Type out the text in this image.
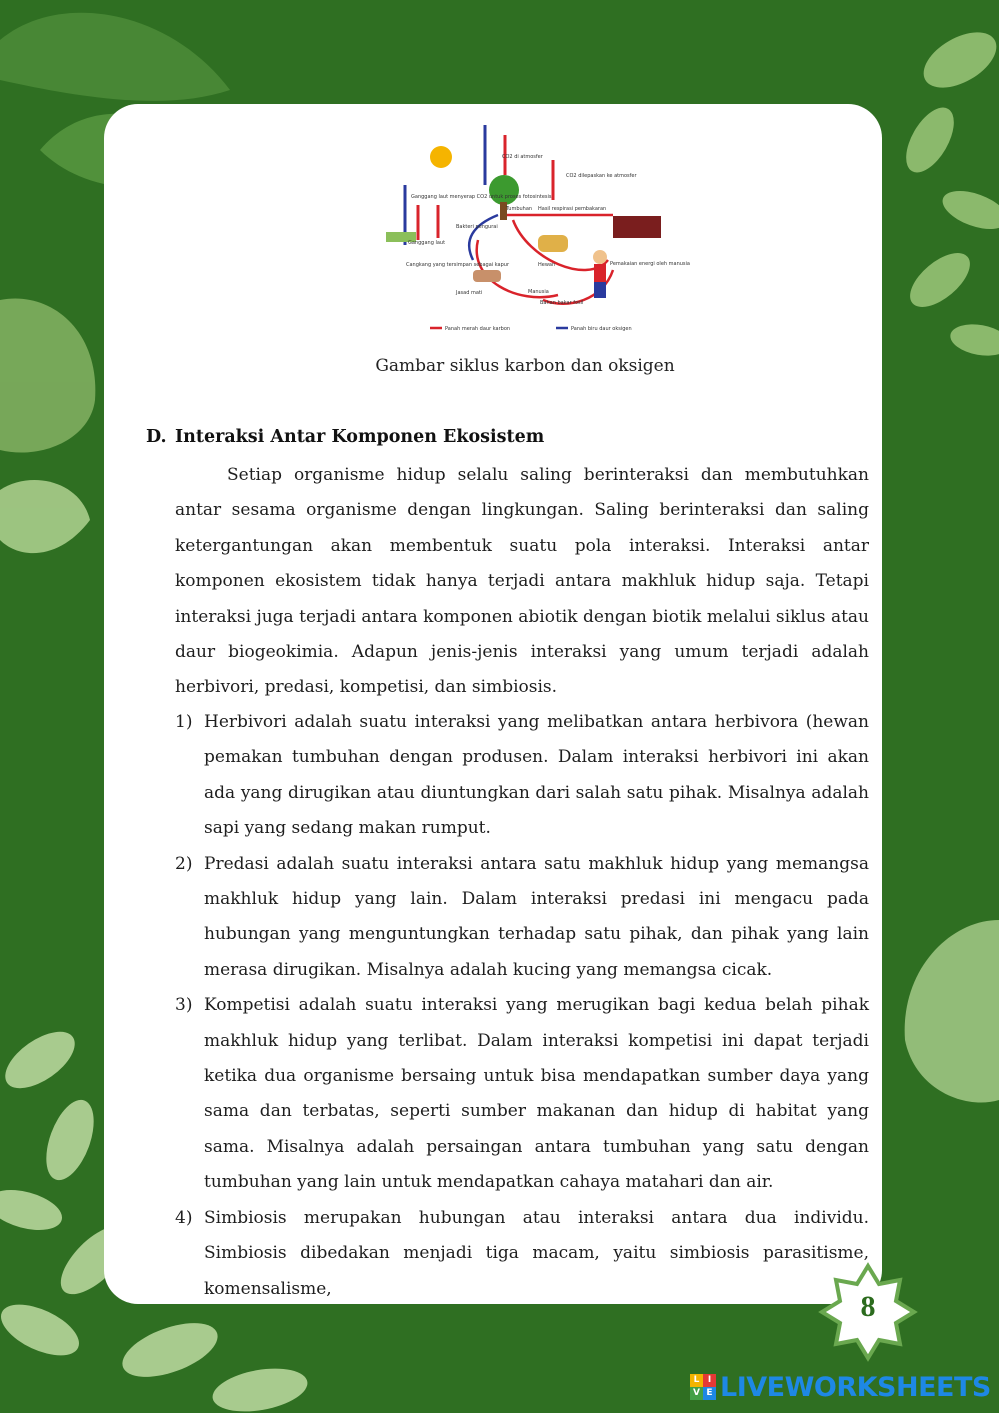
CO2 di atmosfer
CO2 dilepaskan ke atmosfer
Ganggang laut menyerap CO2 untuk proses fotosintesis
Tumbuhan Hasil respirasi pembakaran
Bakteri pengurai
Ganggang laut
Hewan	Pemakaian energi oleh manusia
Cangkang yang tersimpan sebagai kapur
Jasad mati	Manusia
Bahan bakar fosil
Panah merah daur karbon	Panah biru daur oksigen
Gambar siklus karbon dan oksigen
D. Interaksi Antar Komponen Ekosistem

Setiap organisme hidup selalu saling berinteraksi dan membutuhkan antar sesama organisme dengan lingkungan. Saling berinteraksi dan saling ketergantungan akan membentuk suatu pola interaksi. Interaksi antar komponen ekosistem tidak hanya terjadi antara makhluk hidup saja. Tetapi interaksi juga terjadi antara komponen abiotik dengan biotik melalui siklus atau daur biogeokimia. Adapun jenis-jenis interaksi yang umum terjadi adalah herbivori, predasi, kompetisi, dan simbiosis.

1) Herbivori adalah suatu interaksi yang melibatkan antara herbivora (hewan pemakan tumbuhan dengan produsen. Dalam interaksi herbivori ini akan ada yang dirugikan atau diuntungkan dari salah satu pihak. Misalnya adalah sapi yang sedang makan rumput.
2) Predasi adalah suatu interaksi antara satu makhluk hidup yang memangsa makhluk hidup yang lain. Dalam interaksi predasi ini mengacu pada hubungan yang menguntungkan terhadap satu pihak, dan pihak yang lain merasa dirugikan. Misalnya adalah kucing yang memangsa cicak.
3) Kompetisi adalah suatu interaksi yang merugikan bagi kedua belah pihak makhluk hidup yang terlibat. Dalam interaksi kompetisi ini dapat terjadi ketika dua organisme bersaing untuk bisa mendapatkan sumber daya yang sama dan terbatas, seperti sumber makanan dan hidup di habitat yang sama. Misalnya adalah persaingan antara tumbuhan yang satu dengan tumbuhan yang lain untuk mendapatkan cahaya matahari dan air.
4) Simbiosis merupakan hubungan atau interaksi antara dua individu. Simbiosis dibedakan menjadi tiga macam, yaitu simbiosis parasitisme, komensalisme,
8
L I
V E LIVEWORKSHEETS
